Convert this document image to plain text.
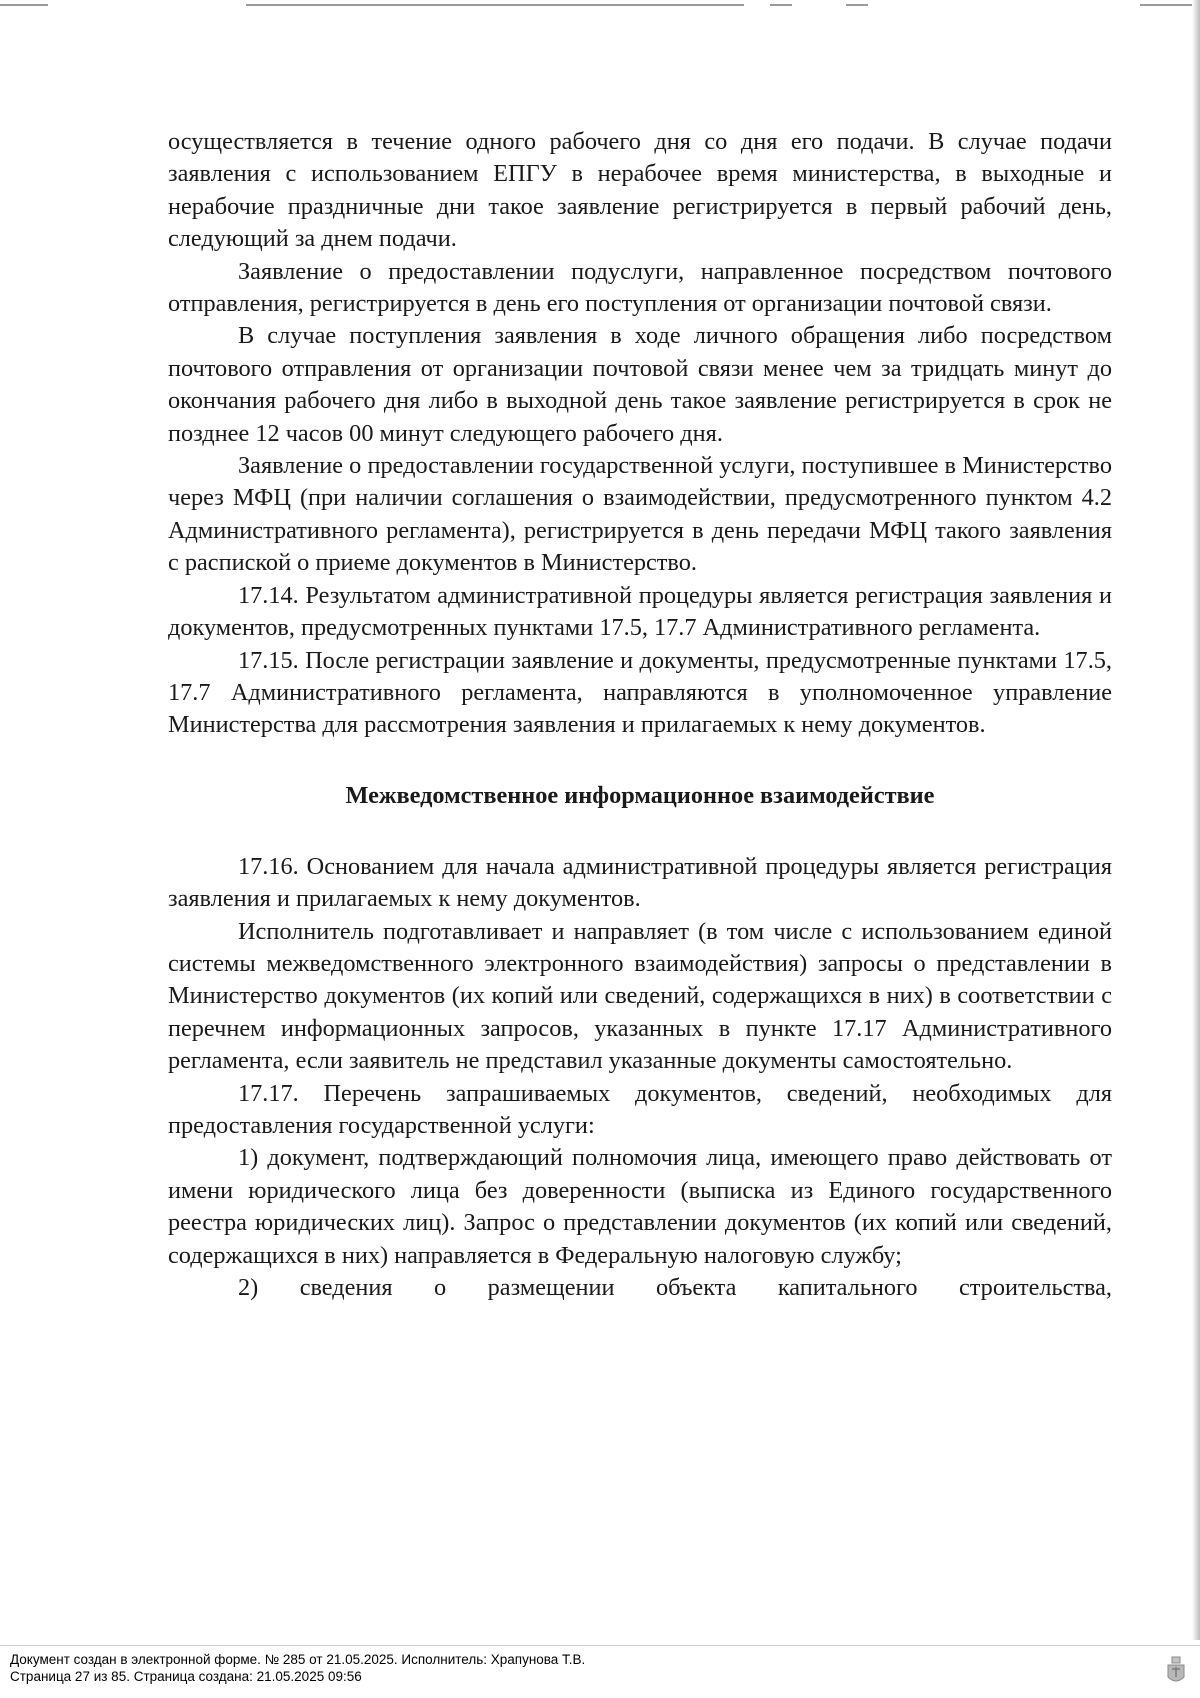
осуществляется в течение одного рабочего дня со дня его подачи. В случае подачи заявления с использованием ЕПГУ в нерабочее время министерства, в выходные и нерабочие праздничные дни такое заявление регистрируется в первый рабочий день, следующий за днем подачи.

Заявление о предоставлении подуслуги, направленное посредством почтового отправления, регистрируется в день его поступления от организации почтовой связи.

В случае поступления заявления в ходе личного обращения либо посредством почтового отправления от организации почтовой связи менее чем за тридцать минут до окончания рабочего дня либо в выходной день такое заявление регистрируется в срок не позднее 12 часов 00 минут следующего рабочего дня.

Заявление о предоставлении государственной услуги, поступившее в Министерство через МФЦ (при наличии соглашения о взаимодействии, предусмотренного пунктом 4.2 Административного регламента), регистрируется в день передачи МФЦ такого заявления с распиской о приеме документов в Министерство.

17.14. Результатом административной процедуры является регистрация заявления и документов, предусмотренных пунктами 17.5, 17.7 Административного регламента.

17.15. После регистрации заявление и документы, предусмотренные пунктами 17.5, 17.7 Административного регламента, направляются в уполномоченное управление Министерства для рассмотрения заявления и прилагаемых к нему документов.

Межведомственное информационное взаимодействие

17.16. Основанием для начала административной процедуры является регистрация заявления и прилагаемых к нему документов.

Исполнитель подготавливает и направляет (в том числе с использованием единой системы межведомственного электронного взаимодействия) запросы о представлении в Министерство документов (их копий или сведений, содержащихся в них) в соответствии с перечнем информационных запросов, указанных в пункте 17.17 Административного регламента, если заявитель не представил указанные документы самостоятельно.

17.17. Перечень запрашиваемых документов, сведений, необходимых для предоставления государственной услуги:

1) документ, подтверждающий полномочия лица, имеющего право действовать от имени юридического лица без доверенности (выписка из Единого государственного реестра юридических лиц). Запрос о представлении документов (их копий или сведений, содержащихся в них) направляется в Федеральную налоговую службу;

2) сведения о размещении объекта капитального строительства,

Документ создан в электронной форме. № 285 от 21.05.2025. Исполнитель: Храпунова Т.В.
Страница 27 из 85. Страница создана: 21.05.2025 09:56
